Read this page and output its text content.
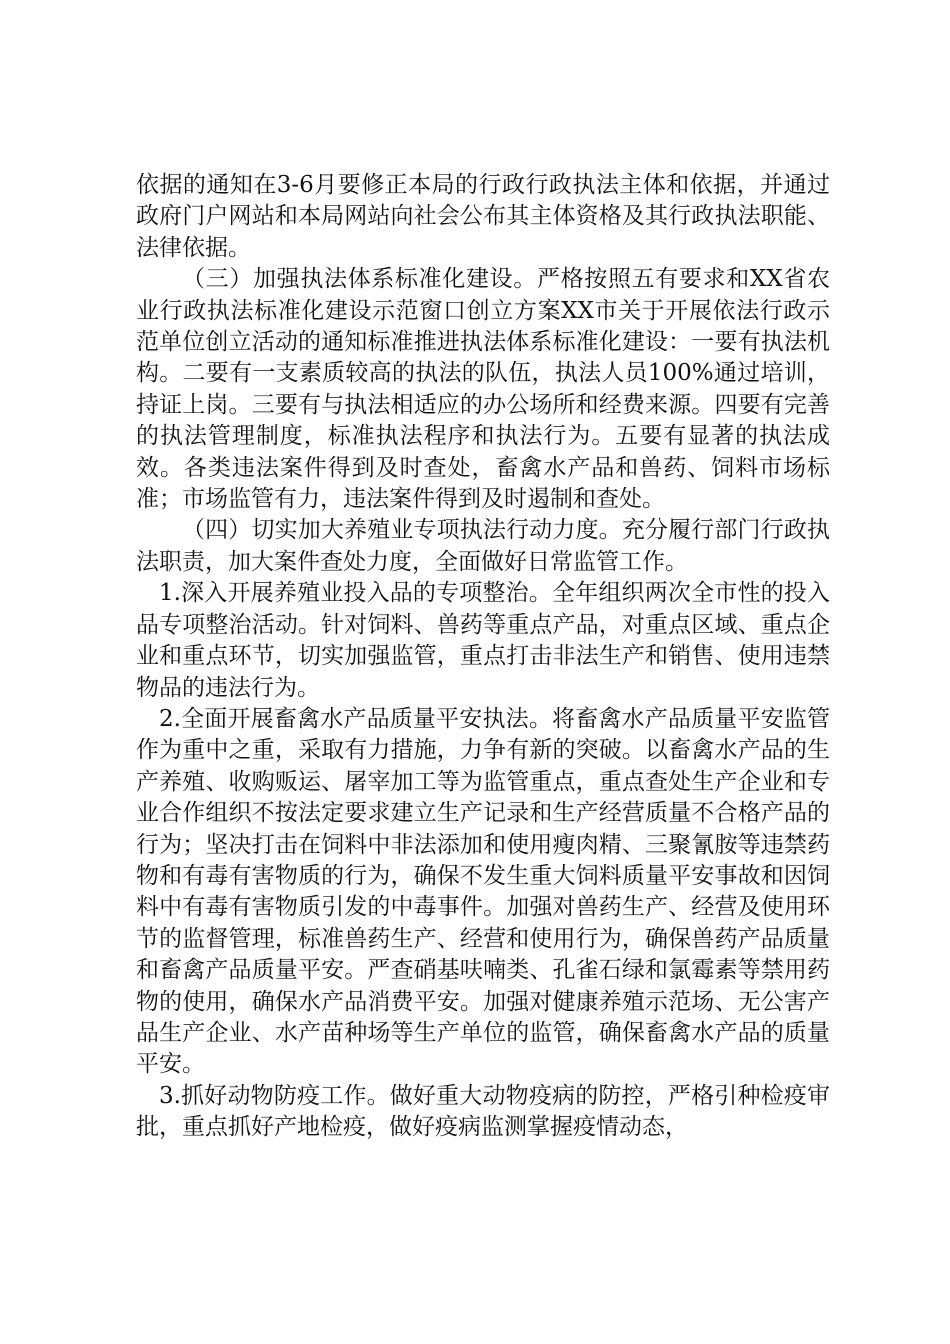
依据的通知在3-6月要修正本局的行政行政执法主体和依据，并通过政府门户网站和本局网站向社会公布其主体资格及其行政执法职能、法律依据。

（三）加强执法体系标准化建设。严格按照五有要求和XX省农业行政执法标准化建设示范窗口创立方案XX市关于开展依法行政示范单位创立活动的通知标准推进执法体系标准化建设：一要有执法机构。二要有一支素质较高的执法的队伍，执法人员100%通过培训，持证上岗。三要有与执法相适应的办公场所和经费来源。四要有完善的执法管理制度，标准执法程序和执法行为。五要有显著的执法成效。各类违法案件得到及时查处，畜禽水产品和兽药、饲料市场标准；市场监管有力，违法案件得到及时遏制和查处。

（四）切实加大养殖业专项执法行动力度。充分履行部门行政执法职责，加大案件查处力度，全面做好日常监管工作。

1.深入开展养殖业投入品的专项整治。全年组织两次全市性的投入品专项整治活动。针对饲料、兽药等重点产品，对重点区域、重点企业和重点环节，切实加强监管，重点打击非法生产和销售、使用违禁物品的违法行为。

2.全面开展畜禽水产品质量平安执法。将畜禽水产品质量平安监管作为重中之重，采取有力措施，力争有新的突破。以畜禽水产品的生产养殖、收购贩运、屠宰加工等为监管重点，重点查处生产企业和专业合作组织不按法定要求建立生产记录和生产经营质量不合格产品的行为；坚决打击在饲料中非法添加和使用瘦肉精、三聚氰胺等违禁药物和有毒有害物质的行为，确保不发生重大饲料质量平安事故和因饲料中有毒有害物质引发的中毒事件。加强对兽药生产、经营及使用环节的监督管理，标准兽药生产、经营和使用行为，确保兽药产品质量和畜禽产品质量平安。严查硝基呋喃类、孔雀石绿和氯霉素等禁用药物的使用，确保水产品消费平安。加强对健康养殖示范场、无公害产品生产企业、水产苗种场等生产单位的监管，确保畜禽水产品的质量平安。

3.抓好动物防疫工作。做好重大动物疫病的防控，严格引种检疫审批，重点抓好产地检疫，做好疫病监测掌握疫情动态，
